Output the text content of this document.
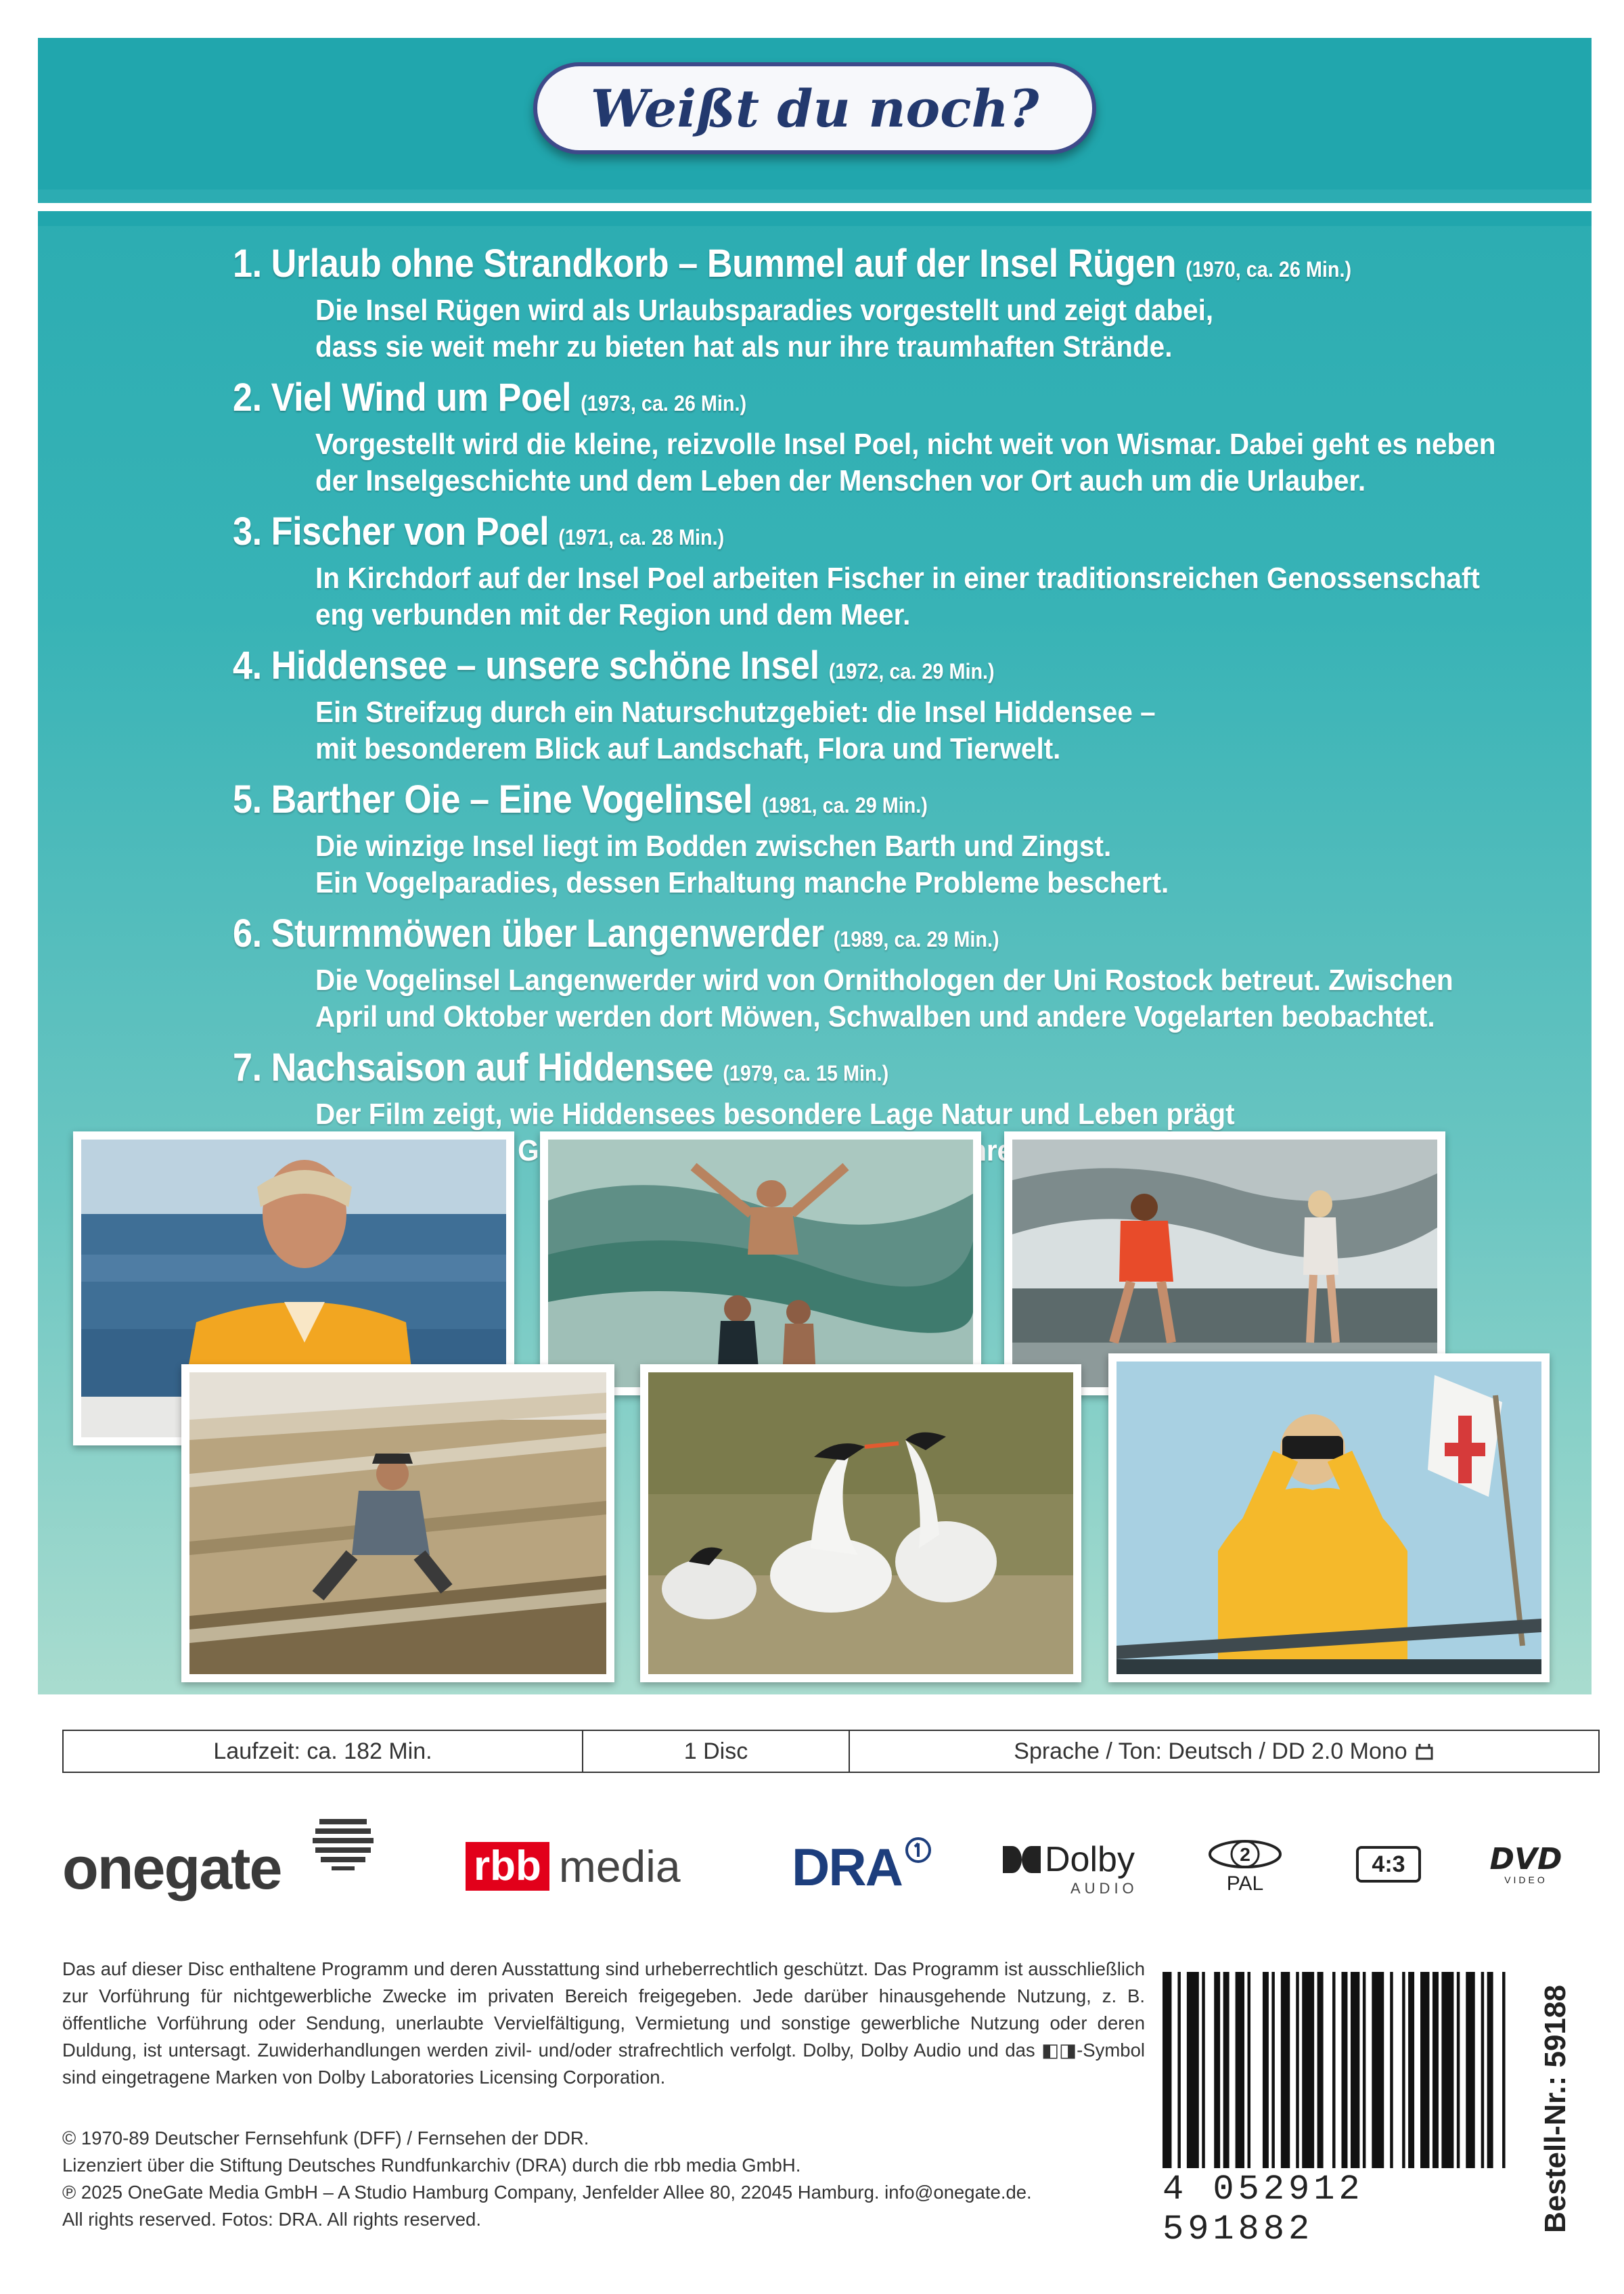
Weißt du noch?
1. Urlaub ohne Strandkorb – Bummel auf der Insel Rügen (1970, ca. 26 Min.)
Die Insel Rügen wird als Urlaubsparadies vorgestellt und zeigt dabei,
dass sie weit mehr zu bieten hat als nur ihre traumhaften Strände.
2. Viel Wind um Poel (1973, ca. 26 Min.)
Vorgestellt wird die kleine, reizvolle Insel Poel, nicht weit von Wismar. Dabei geht es neben
der Inselgeschichte und dem Leben der Menschen vor Ort auch um die Urlauber.
3. Fischer von Poel (1971, ca. 28 Min.)
In Kirchdorf auf der Insel Poel arbeiten Fischer in einer traditionsreichen Genossenschaft
eng verbunden mit der Region und dem Meer.
4. Hiddensee – unsere schöne Insel (1972, ca. 29 Min.)
Ein Streifzug durch ein Naturschutzgebiet: die Insel Hiddensee –
mit besonderem Blick auf Landschaft, Flora und Tierwelt.
5. Barther Oie – Eine Vogelinsel (1981, ca. 29 Min.)
Die winzige Insel liegt im Bodden zwischen Barth und Zingst.
Ein Vogelparadies, dessen Erhaltung manche Probleme beschert.
6. Sturmmöwen über Langenwerder (1989, ca. 29 Min.)
Die Vogelinsel Langenwerder wird von Ornithologen der Uni Rostock betreut. Zwischen
April und Oktober werden dort Möwen, Schwalben und andere Vogelarten beobachtet.
7. Nachsaison auf Hiddensee (1979, ca. 15 Min.)
Der Film zeigt, wie Hiddensees besondere Lage Natur und Leben prägt
ihrem
Laufzeit: ca. 182 Min.	1 Disc	Sprache / Ton: Deutsch / DD 2.0 Mono
onegate	rbb media DRA	Dolby
AUDIO
2
PAL
4:3	DVD
VIDEO
Das auf dieser Disc enthaltene Programm und deren Ausstattung sind urheberrechtlich geschützt. Das Programm ist ausschließlich zur Vorführung für nichtgewerbliche Zwecke im privaten Bereich freigegeben. Jede darüber hinausgehende Nutzung, z. B. öffentliche Vorführung oder Sendung, unerlaubte Vervielfältigung, Vermietung und sonstige gewerbliche Nutzung oder deren Duldung, ist untersagt. Zuwiderhandlungen werden zivil- und/oder strafrechtlich verfolgt. Dolby, Dolby Audio und das ◧◨-Symbol sind eingetragene Marken von Dolby Laboratories Licensing Corporation.
© 1970-89 Deutscher Fernsehfunk (DFF) / Fernsehen der DDR.
Lizenziert über die Stiftung Deutsches Rundfunkarchiv (DRA) durch die rbb media GmbH.
℗ 2025 OneGate Media GmbH – A Studio Hamburg Company, Jenfelder Allee 80, 22045 Hamburg. info@onegate.de.
All rights reserved. Fotos: DRA. All rights reserved.
4 052912 591882	Bestell-Nr.: 59188
